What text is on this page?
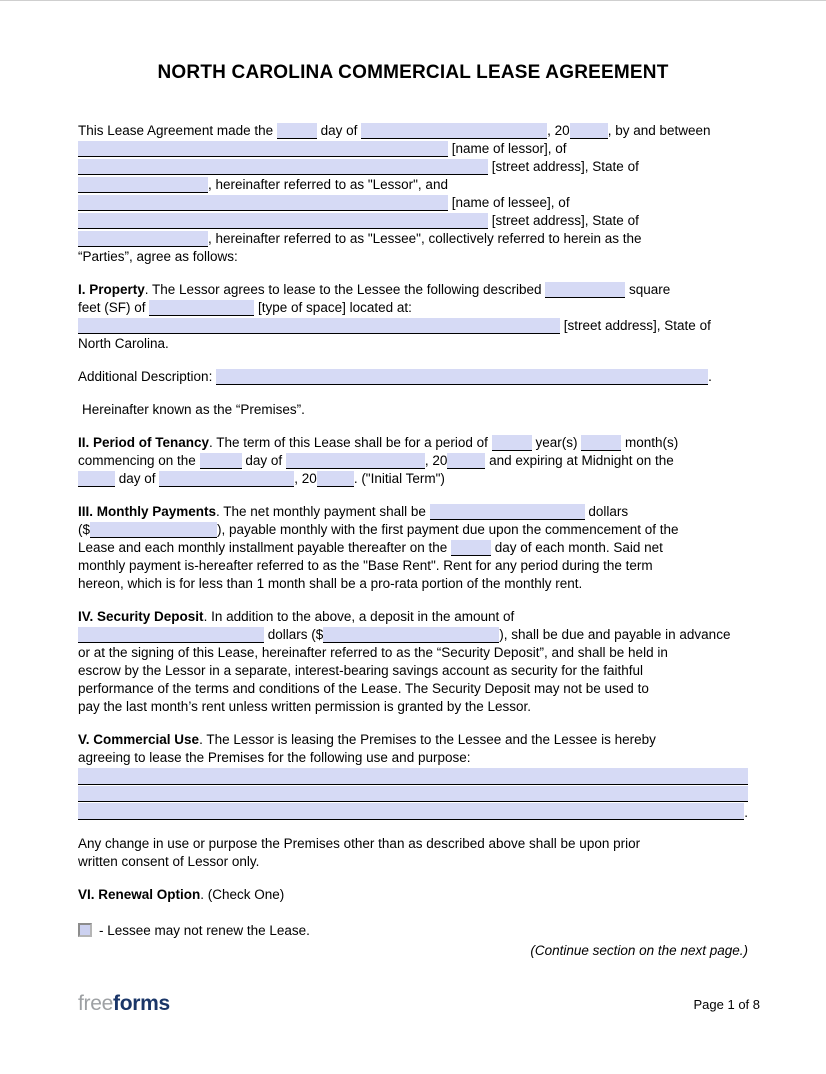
NORTH CAROLINA COMMERCIAL LEASE AGREEMENT
This Lease Agreement made the	day of	, 20	, by and between
[name of lessor], of
[street address], State of
, hereinafter referred to as "Lessor", and
[name of lessee], of
[street address], State of
, hereinafter referred to as "Lessee", collectively referred to herein as the
“Parties”, agree as follows:
I. Property. The Lessor agrees to lease to the Lessee the following described	square
feet (SF) of	[type of space] located at:
[street address], State of
North Carolina.
Additional Description:	.
Hereinafter known as the “Premises”.
II. Period of Tenancy. The term of this Lease shall be for a period of	year(s)	month(s)
commencing on the	day of	, 20	and expiring at Midnight on the
day of	, 20	. ("Initial Term")
III. Monthly Payments. The net monthly payment shall be	dollars
($	), payable monthly with the first payment due upon the commencement of the
Lease and each monthly installment payable thereafter on the	day of each month. Said net
monthly payment is-hereafter referred to as the "Base Rent". Rent for any period during the term
hereon, which is for less than 1 month shall be a pro-rata portion of the monthly rent.
IV. Security Deposit. In addition to the above, a deposit in the amount of
dollars ($	), shall be due and payable in advance
or at the signing of this Lease, hereinafter referred to as the “Security Deposit”, and shall be held in
escrow by the Lessor in a separate, interest-bearing savings account as security for the faithful
performance of the terms and conditions of the Lease. The Security Deposit may not be used to
pay the last month’s rent unless written permission is granted by the Lessor.
V. Commercial Use. The Lessor is leasing the Premises to the Lessee and the Lessee is hereby
agreeing to lease the Premises for the following use and purpose:
.
Any change in use or purpose the Premises other than as described above shall be upon prior
written consent of Lessor only.
VI. Renewal Option. (Check One)
- Lessee may not renew the Lease.
(Continue section on the next page.)
freeforms	Page 1 of 8
